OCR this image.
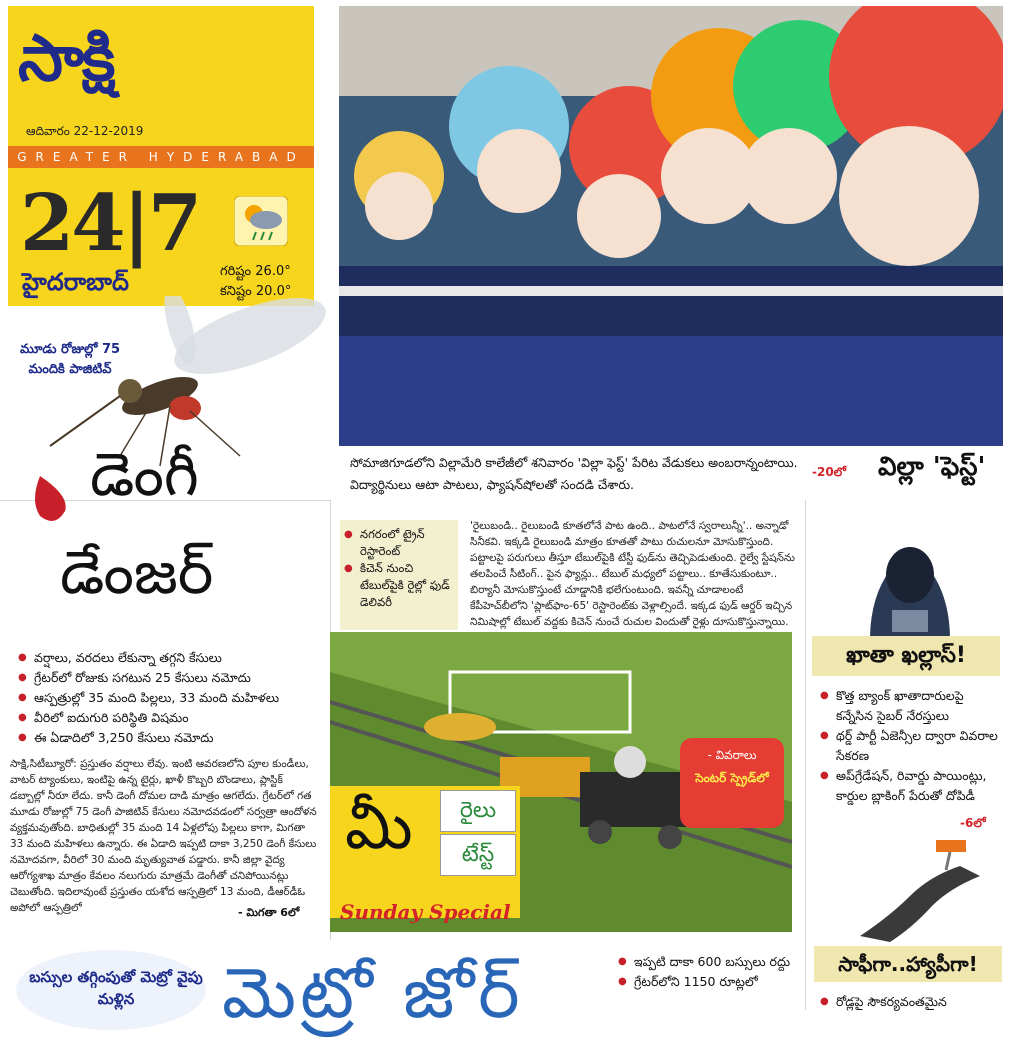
సాక్షి
ఆదివారం 22-12-2019
GREATER HYDERABAD
24|7
హైదరాబాద్	గరిష్టం 26.0°
కనిష్టం 20.0°
సోమాజిగూడలోని విల్లామేరి కాలేజీలో శనివారం 'విల్లా ఫెస్ట్' పేరిట వేడుకలు అంబరాన్నంటాయి. విద్యార్థినులు ఆటా పాటలు, ఫ్యాషన్‌షోలతో సందడి చేశారు.
-20లో విల్లా 'ఫెస్ట్'
మూడు రోజుల్లో 75 మందికి పాజిటివ్
డెంగీ
డేంజర్
● వర్షాలు, వరదలు లేకున్నా తగ్గని కేసులు
● గ్రేటర్‌లో రోజుకు సగటున 25 కేసులు నమోదు
● ఆస్పత్రుల్లో 35 మంది పిల్లలు, 33 మంది మహిళలు
● వీరిలో ఐదుగురి పరిస్థితి విషమం
● ఈ ఏడాదిలో 3,250 కేసులు నమోదు
సాక్షి,సిటీబ్యూరో: ప్రస్తుతం వర్షాలు లేవు. ఇంటి ఆవరణలోని పూల కుండీలు, వాటర్ ట్యాంకులు, ఇంటిపై ఉన్న టైర్లు, ఖాళీ కొబ్బరి బొండాలు, ప్లాస్టిక్ డబ్బాల్లో నీరూ లేదు. కానీ డెంగీ దోమల దాడి మాత్రం ఆగలేదు. గ్రేటర్‌లో గత మూడు రోజుల్లో 75 డెంగీ పాజిటివ్ కేసులు నమోదవడంలో సర్వత్రా ఆందోళన వ్యక్తమవుతోంది. బాధితుల్లో 35 మంది 14 ఏళ్లలోపు పిల్లలు కాగా, మిగతా 33 మంది మహిళలు ఉన్నారు. ఈ ఏడాది ఇప్పటి దాకా 3,250 డెంగీ కేసులు నమోదవగా, వీరిలో 30 మంది మృత్యువాత పడ్డారు. కానీ జిల్లా వైద్య ఆరోగ్యశాఖ మాత్రం కేవలం నలుగురు మాత్రమే డెంగీతో చనిపోయినట్లు చెబుతోంది. ఇదిలావుంటే ప్రస్తుతం యశోద ఆస్పత్రిలో 13 మంది, డీఆర్‌డీఓ అపోలో ఆస్పత్రిలో	- మిగతా 6లో
● నగరంలో ట్రైన్ రెస్టారెంట్
● కిచెన్ నుంచి టేబుల్‌పైకి రైల్లో ఫుడ్ డెలివరీ
'రైలుబండి.. రైలుబండి కూతలోనే పాట ఉంది.. పాటలోనే స్వరాలున్నీ'.. అన్నాడో సినీకవి. ఇక్కడి రైలుబండి మాత్రం కూతతో పాటు రుచులనూ మోసుకొస్తుంది. పట్టాలపై పరుగులు తీస్తూ టేబుల్‌పైకి టేస్టీ ఫుడ్‌ను తెచ్చిపెడుతుంది. రైల్వే స్టేషన్‌ను తలపించే సీటింగ్.. పైన ఫ్యాన్లు.. టేబుల్ మధ్యలో పట్టాలు.. కూతేసుకుంటూ.. బిర్యానీ మోసుకొస్తుంటే చూడ్డానికి భలేగుంటుంది. ఇవన్నీ చూడాలంటే కేపీహెచ్‌బీలోని 'ప్లాట్‌ఫాం-65' రెస్టారెంట్‌కు వెళ్లాల్సిందే. ఇక్కడ ఫుడ్ ఆర్డర్ ఇచ్చిన నిమిషాల్లో టేబుల్ వద్దకు కిచెన్ నుంచే రుచుల విందుతో రైళ్లు దూసుకొస్తున్నాయి.
- వివరాలు
సెంటర్ స్ప్రెడ్‌లో
మీ	రైలు
టేస్ట్
Sunday Special
ఖాతా ఖల్లాస్!
● కొత్త బ్యాంక్ ఖాతాదారులపై కన్నేసిన సైబర్ నేరస్తులు
● థర్డ్ పార్టీ ఏజెన్సీల ద్వారా వివరాల సేకరణ
● అప్‌గ్రేడేషన్, రివార్డు పాయింట్లు, కార్డుల బ్లాకింగ్ పేరుతో దోపిడీ
-6లో
సాఫీగా..హ్యాపీగా!
● రోడ్లపై సౌకర్యవంతమైన
బస్సుల తగ్గింపుతో మెట్రో వైపు మళ్లిన	మెట్రో జోర్
●	ఇప్పటి దాకా 600 బస్సులు రద్దు
● గ్రేటర్‌లోని 1150 రూట్లలో
